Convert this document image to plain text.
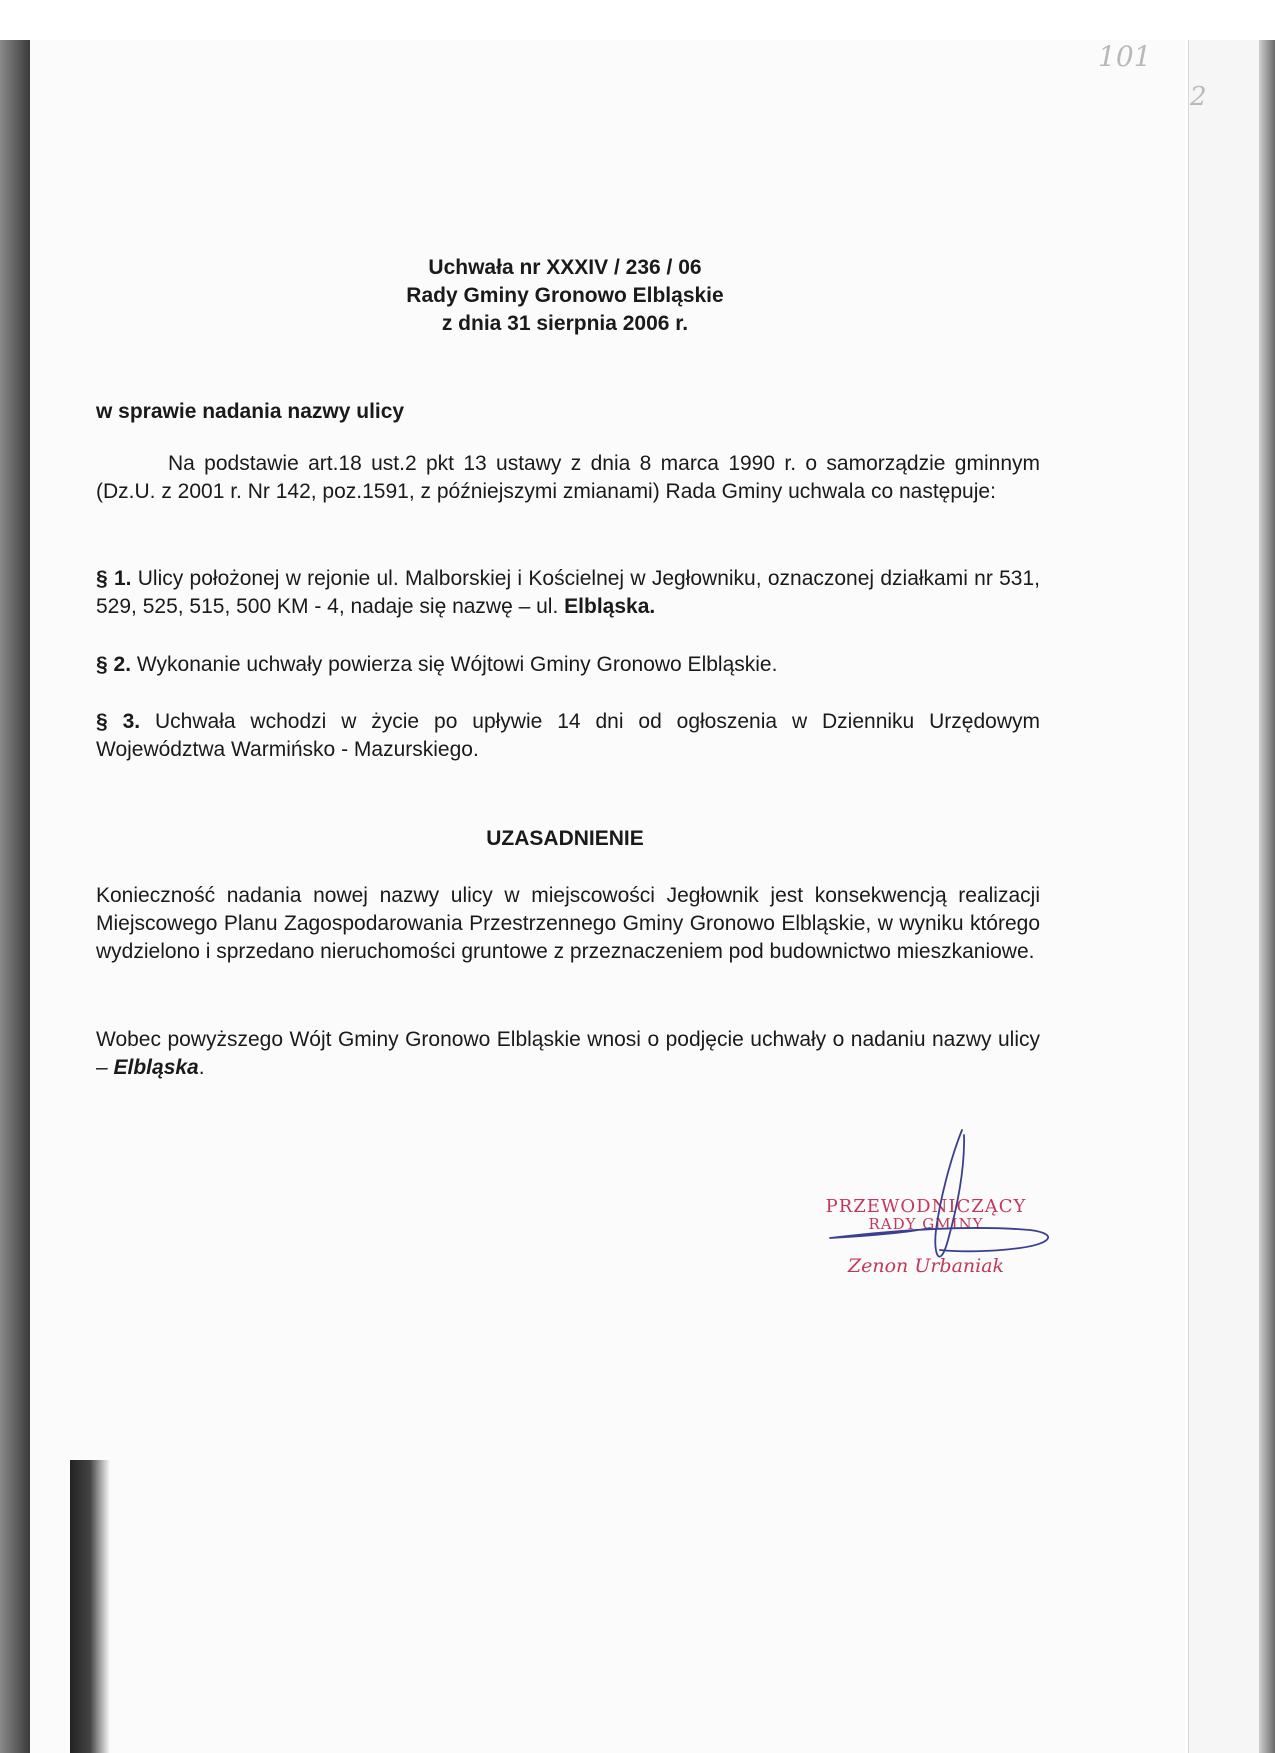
101
2
Uchwała nr XXXIV / 236 / 06
Rady Gminy Gronowo Elbląskie
z dnia 31 sierpnia 2006 r.
w sprawie nadania nazwy ulicy
Na podstawie art.18 ust.2 pkt 13 ustawy z dnia 8 marca 1990 r. o samorządzie gminnym (Dz.U. z 2001 r. Nr 142, poz.1591, z późniejszymi zmianami) Rada Gminy uchwala co następuje:
§ 1. Ulicy położonej w rejonie ul. Malborskiej i Kościelnej w Jegłowniku, oznaczonej działkami nr 531, 529, 525, 515, 500 KM - 4, nadaje się nazwę – ul. Elbląska.
§ 2. Wykonanie uchwały powierza się Wójtowi Gminy Gronowo Elbląskie.
§ 3. Uchwała wchodzi w życie po upływie 14 dni od ogłoszenia w Dzienniku Urzędowym Województwa Warmińsko - Mazurskiego.
UZASADNIENIE
Konieczność nadania nowej nazwy ulicy w miejscowości Jegłownik jest konsekwencją realizacji Miejscowego Planu Zagospodarowania Przestrzennego Gminy Gronowo Elbląskie, w wyniku którego wydzielono i sprzedano nieruchomości gruntowe z przeznaczeniem pod budownictwo mieszkaniowe.
Wobec powyższego Wójt Gminy Gronowo Elbląskie wnosi o podjęcie uchwały o nadaniu nazwy ulicy – Elbląska.
PRZEWODNICZĄCY
RADY GMINY
Zenon Urbaniak
